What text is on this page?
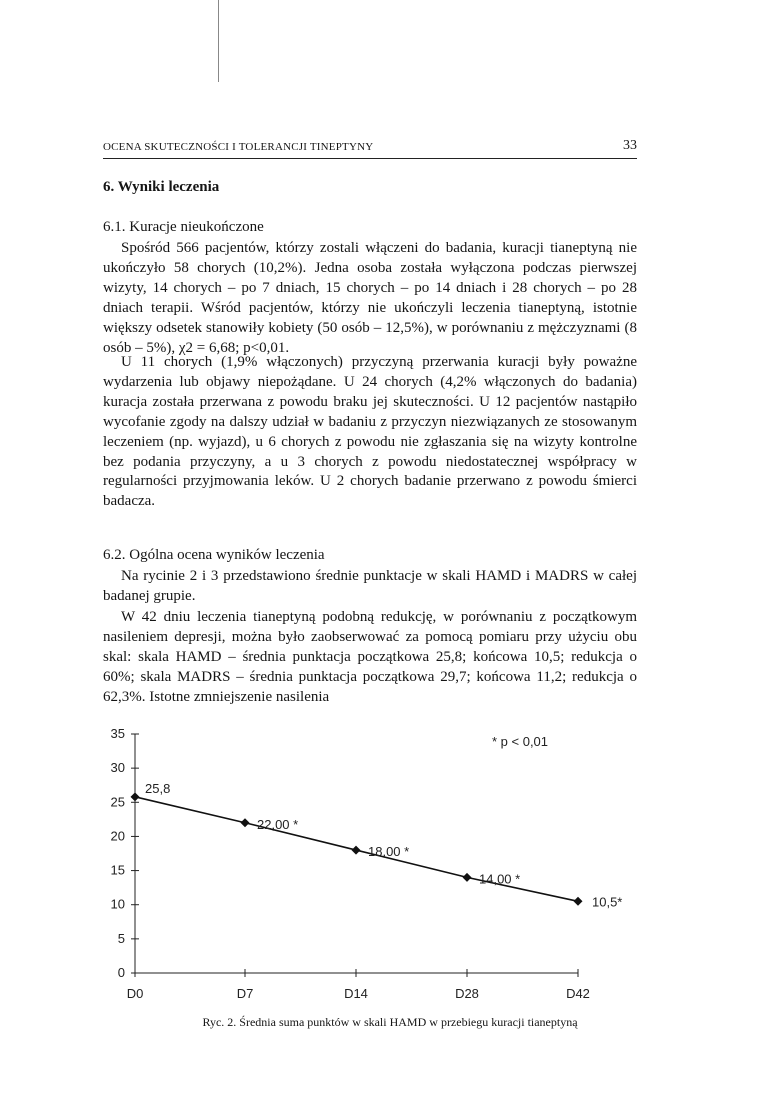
OCENA SKUTECZNOŚCI I TOLERANCJI TINEPTYNY	33
6. Wyniki leczenia
6.1. Kuracje nieukończone

Spośród 566 pacjentów, którzy zostali włączeni do badania, kuracji tianeptyną nie ukończyło 58 chorych (10,2%). Jedna osoba została wyłączona podczas pierwszej wizyty, 14 chorych – po 7 dniach, 15 chorych – po 14 dniach i 28 chorych – po 28 dniach terapii. Wśród pacjentów, którzy nie ukończyli leczenia tianeptyną, istotnie większy odsetek stanowiły kobiety (50 osób – 12,5%), w porównaniu z mężczyznami (8 osób – 5%), χ2 = 6,68; p<0,01.

U 11 chorych (1,9% włączonych) przyczyną przerwania kuracji były poważne wydarzenia lub objawy niepożądane. U 24 chorych (4,2% włączonych do badania) kuracja została przerwana z powodu braku jej skuteczności. U 12 pacjentów nastąpiło wycofanie zgody na dalszy udział w badaniu z przyczyn niezwiązanych ze stosowanym leczeniem (np. wyjazd), u 6 chorych z powodu nie zgłaszania się na wizyty kontrolne bez podania przyczyny, a u 3 chorych z powodu niedostatecznej współpracy w regularności przyjmowania leków. U 2 chorych badanie przerwano z powodu śmierci badacza.

6.2. Ogólna ocena wyników leczenia

Na rycinie 2 i 3 przedstawiono średnie punktacje w skali HAMD i MADRS w całej badanej grupie.

W 42 dniu leczenia tianeptyną podobną redukcję, w porównaniu z początkowym nasileniem depresji, można było zaobserwować za pomocą pomiaru przy użyciu obu skal: skala HAMD – średnia punktacja początkowa 25,8; końcowa 10,5; redukcja o 60%; skala MADRS – średnia punktacja początkowa 29,7; końcowa 11,2; redukcja o 62,3%. Istotne zmniejszenie nasilenia

0
5
10
15
20
25
30
35
D0	D7	D14	D28	D42
25,8
22,00 *
18,00 *
14,00 *
10,5*
* p < 0,01
Ryc. 2. Średnia suma punktów w skali HAMD w przebiegu kuracji tianeptyną
